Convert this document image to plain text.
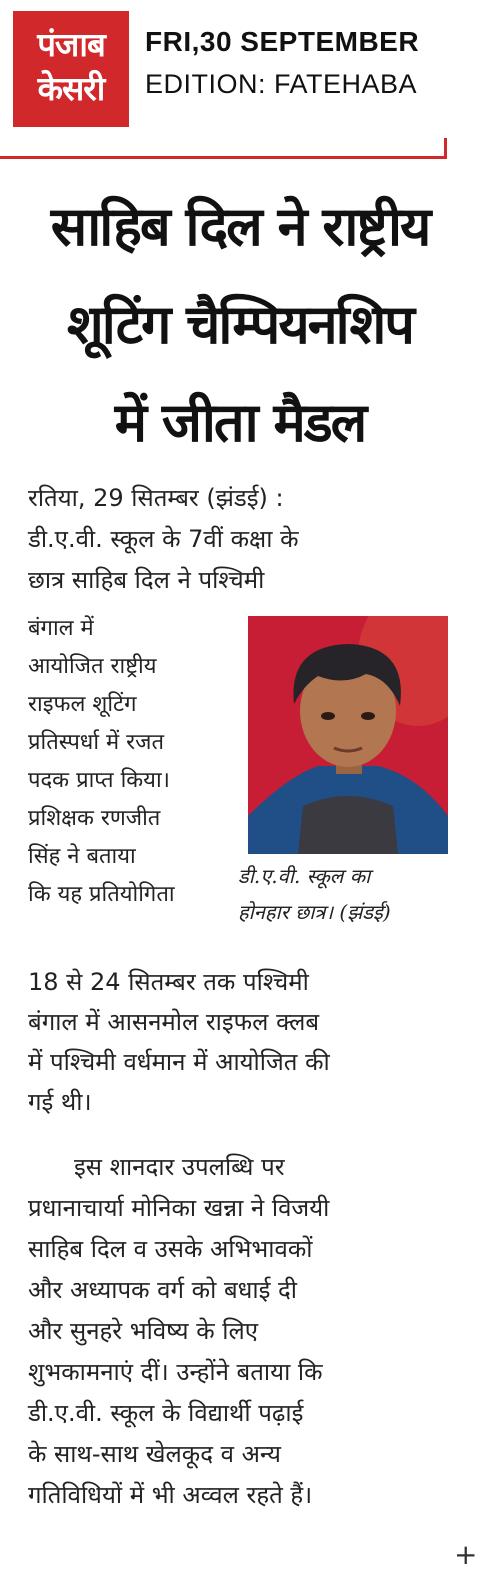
पंजाब
केसरी
FRI,30 SEPTEMBER
EDITION: FATEHABA
साहिब दिल ने राष्ट्रीय
शूटिंग चैम्पियनशिप
में जीता मैडल
रतिया, 29 सितम्बर (झंडई) :
डी.ए.वी. स्कूल के 7वीं कक्षा के
छात्र साहिब दिल ने पश्चिमी
बंगाल में
आयोजित राष्ट्रीय
राइफल शूटिंग
प्रतिस्पर्धा में रजत
पदक प्राप्त किया।
प्रशिक्षक रणजीत
सिंह ने बताया
कि यह प्रतियोगिता
डी.ए.वी. स्कूल का
होनहार छात्र। (झंडई)
18 से 24 सितम्बर तक पश्चिमी
बंगाल में आसनमोल राइफल क्लब
में पश्चिमी वर्धमान में आयोजित की
गई थी।
इस शानदार उपलब्धि पर
प्रधानाचार्या मोनिका खन्ना ने विजयी
साहिब दिल व उसके अभिभावकों
और अध्यापक वर्ग को बधाई दी
और सुनहरे भविष्य के लिए
शुभकामनाएं दीं। उन्होंने बताया कि
डी.ए.वी. स्कूल के विद्यार्थी पढ़ाई
के साथ-साथ खेलकूद व अन्य
गतिविधियों में भी अव्वल रहते हैं।
+
